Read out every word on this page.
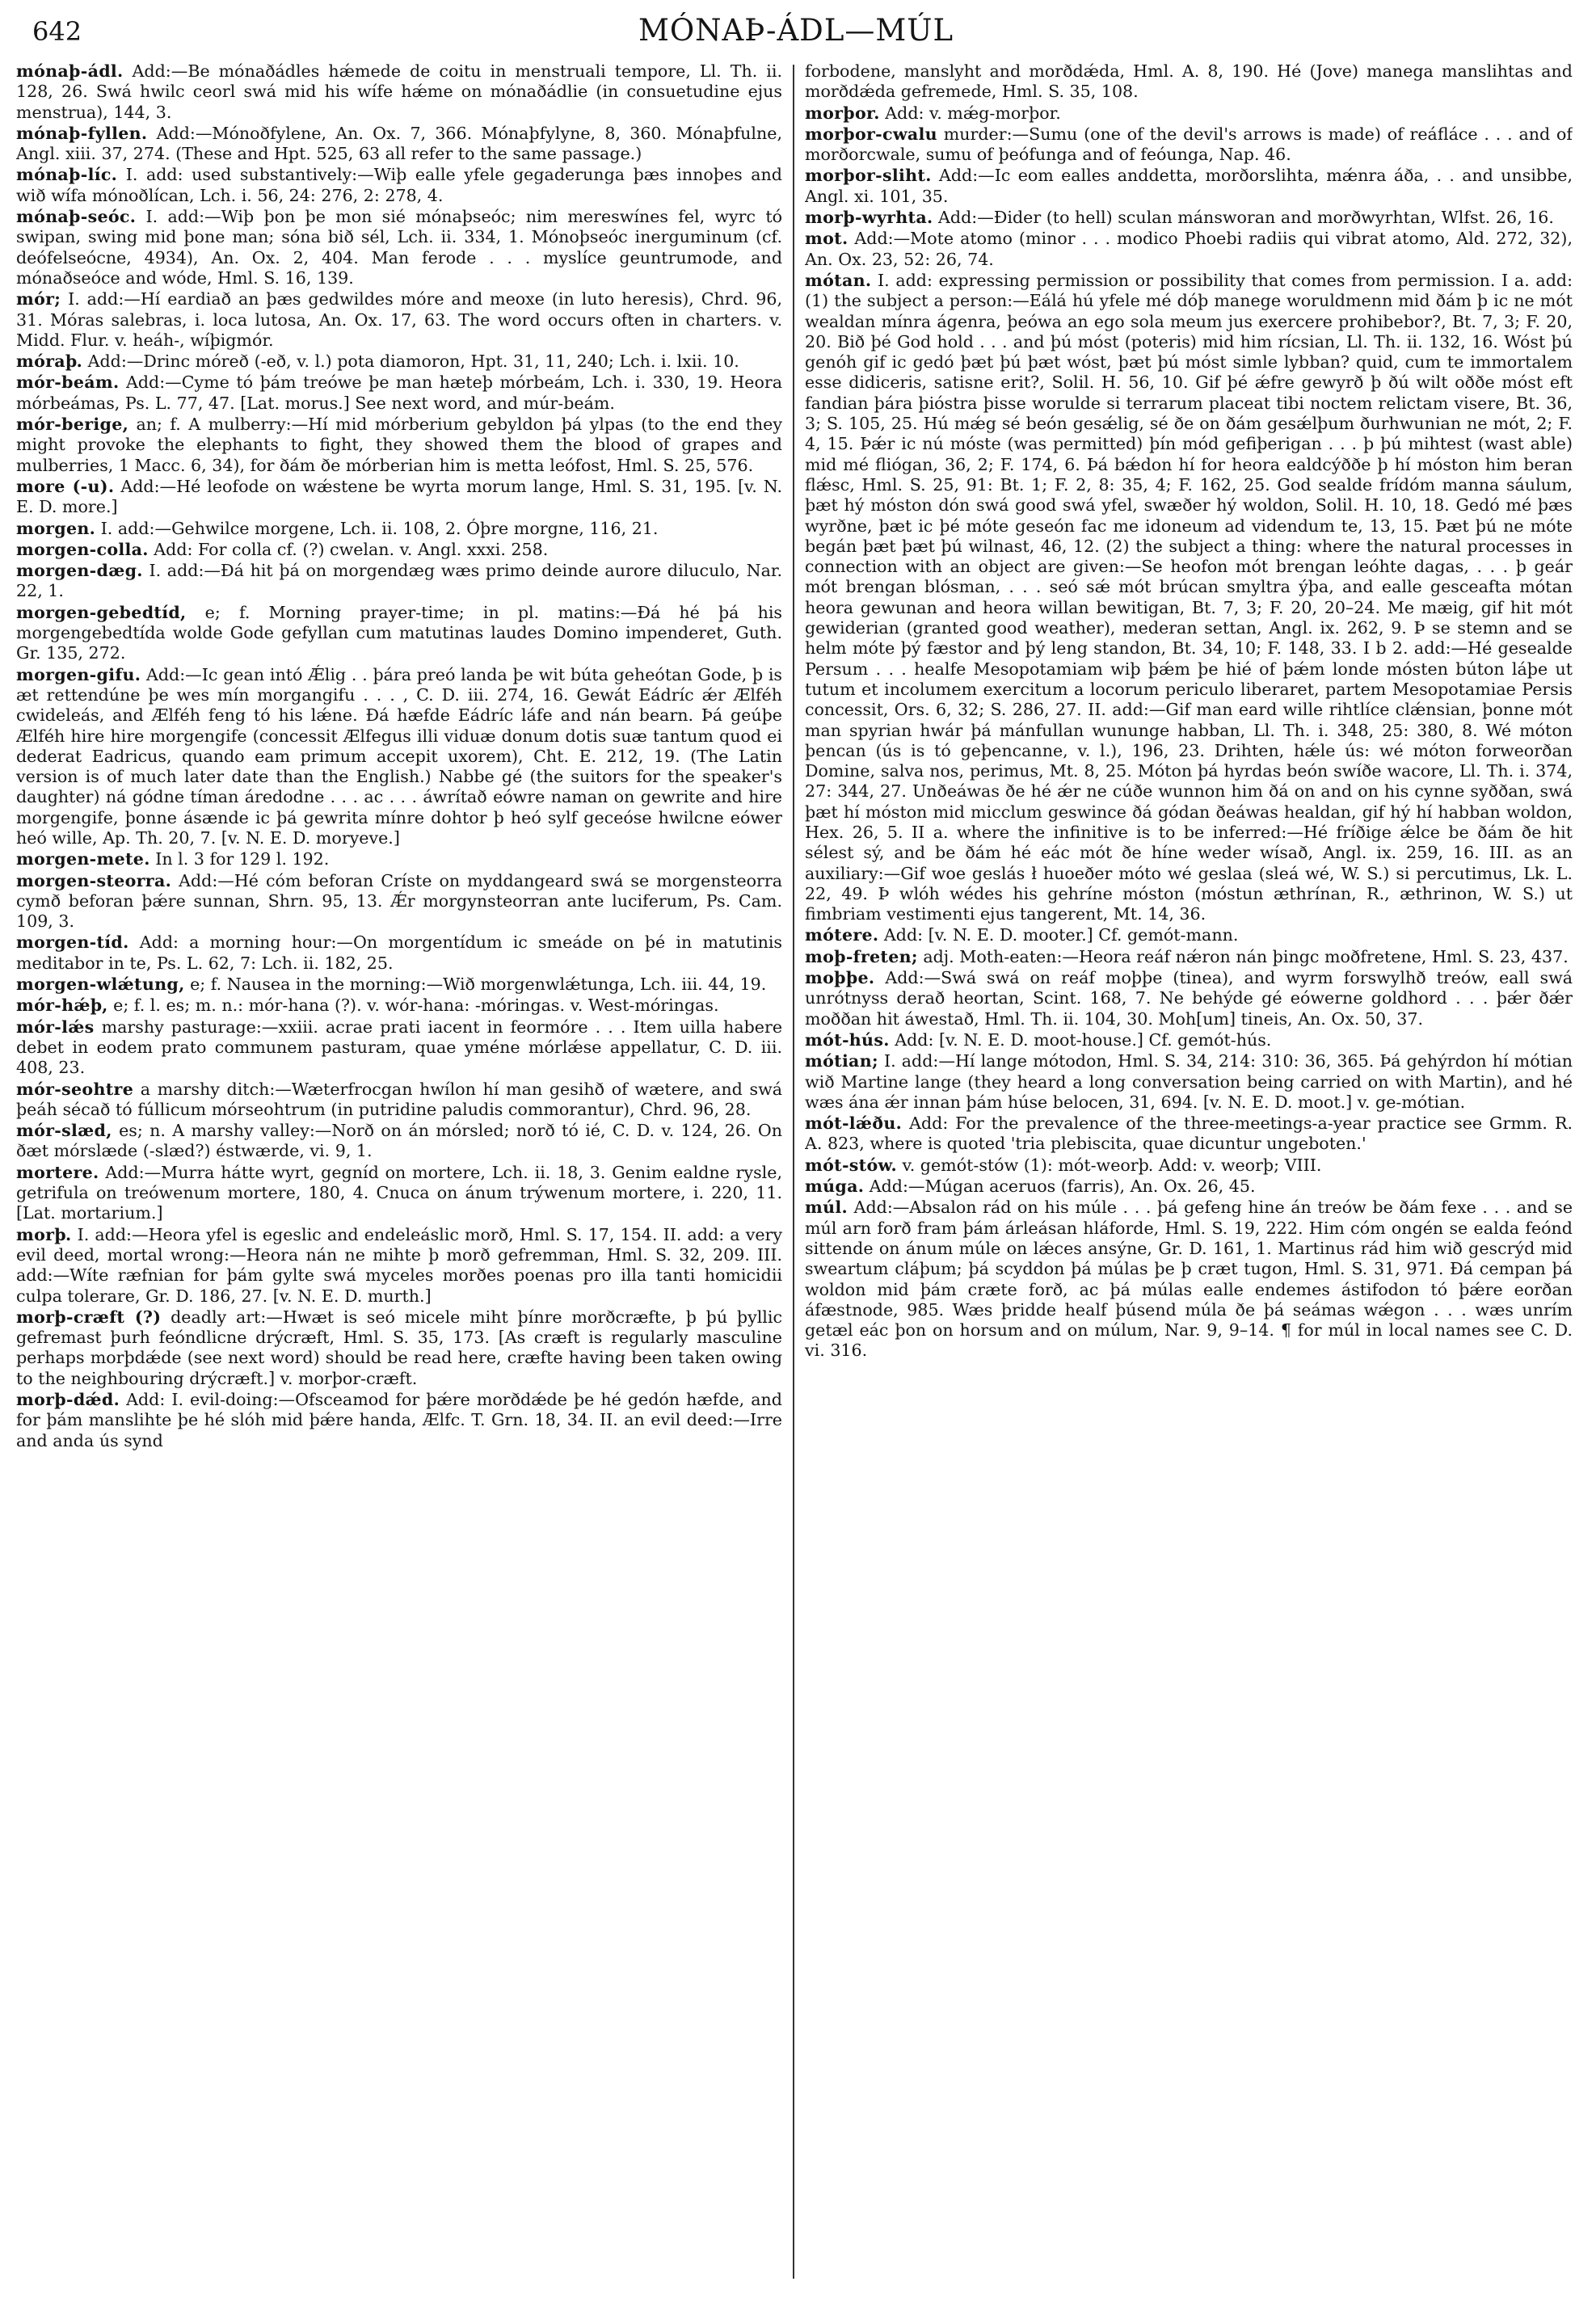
642	MÓNAÞ-ÁDL—MÚL

mónaþ-ádl. Add:—Be mónaðádles hǽmede de coitu in menstruali tempore, Ll. Th. ii. 128, 26. Swá hwilc ceorl swá mid his wífe hǽme on mónaðádlie (in consuetudine ejus menstrua), 144, 3.

mónaþ-fyllen. Add:—Mónoðfylene, An. Ox. 7, 366. Mónaþfylyne, 8, 360. Mónaþfulne, Angl. xiii. 37, 274. (These and Hpt. 525, 63 all refer to the same passage.)

mónaþ-líc. I. add: used substantively:—Wiþ ealle yfele gegaderunga þæs innoþes and wið wífa mónoðlícan, Lch. i. 56, 24: 276, 2: 278, 4.

mónaþ-seóc. I. add:—Wiþ þon þe mon sié mónaþseóc; nim mereswínes fel, wyrc tó swipan, swing mid þone man; sóna bið sél, Lch. ii. 334, 1. Mónoþseóc inerguminum (cf. deófelseócne, 4934), An. Ox. 2, 404. Man ferode . . . myslíce geuntrumode, and mónaðseóce and wóde, Hml. S. 16, 139.

mór; I. add:—Hí eardiað an þæs gedwildes móre and meoxe (in luto heresis), Chrd. 96, 31. Móras salebras, i. loca lutosa, An. Ox. 17, 63. The word occurs often in charters. v. Midd. Flur. v. heáh-, wíþigmór.

móraþ. Add:—Drinc móreð (-eð, v. l.) pota diamoron, Hpt. 31, 11, 240; Lch. i. lxii. 10.

mór-beám. Add:—Cyme tó þám treówe þe man hæteþ mórbeám, Lch. i. 330, 19. Heora mórbeámas, Ps. L. 77, 47. [Lat. morus.] See next word, and múr-beám.

mór-berige, an; f. A mulberry:—Hí mid mórberium gebyldon þá ylpas (to the end they might provoke the elephants to fight, they showed them the blood of grapes and mulberries, 1 Macc. 6, 34), for ðám ðe mórberian him is metta leófost, Hml. S. 25, 576.

more (-u). Add:—Hé leofode on wǽstene be wyrta morum lange, Hml. S. 31, 195. [v. N. E. D. more.]

morgen. I. add:—Gehwilce morgene, Lch. ii. 108, 2. Óþre morgne, 116, 21.

morgen-colla. Add: For colla cf. (?) cwelan. v. Angl. xxxi. 258.

morgen-dæg. I. add:—Ðá hit þá on morgendæg wæs primo deinde aurore diluculo, Nar. 22, 1.

morgen-gebedtíd, e; f. Morning prayer-time; in pl. matins:—Ðá hé þá his morgengebedtída wolde Gode gefyllan cum matutinas laudes Domino impenderet, Guth. Gr. 135, 272.

morgen-gifu. Add:—Ic gean intó Ǽlig . . þára preó landa þe wit búta geheótan Gode, þ is æt rettendúne þe wes mín morgangifu . . . , C. D. iii. 274, 16. Gewát Eádríc ǽr Ælféh cwideleás, and Ælféh feng tó his lǽne. Ðá hæfde Eádríc láfe and nán bearn. Þá geúþe Ælféh hire hire morgengife (concessit Ælfegus illi viduæ donum dotis suæ tantum quod ei dederat Eadricus, quando eam primum accepit uxorem), Cht. E. 212, 19. (The Latin version is of much later date than the English.) Nabbe gé (the suitors for the speaker's daughter) ná gódne tíman áredodne . . . ac . . . áwrítað eówre naman on gewrite and hire morgengife, þonne ásænde ic þá gewrita mínre dohtor þ heó sylf geceóse hwilcne eówer heó wille, Ap. Th. 20, 7. [v. N. E. D. moryeve.]

morgen-mete. In l. 3 for 129 l. 192.

morgen-steorra. Add:—Hé cóm beforan Críste on myddangeard swá se morgensteorra cymð beforan þǽre sunnan, Shrn. 95, 13. Ǽr morgynsteorran ante luciferum, Ps. Cam. 109, 3.

morgen-tíd. Add: a morning hour:—On morgentídum ic smeáde on þé in matutinis meditabor in te, Ps. L. 62, 7: Lch. ii. 182, 25.

morgen-wlǽtung, e; f. Nausea in the morning:—Wið morgenwlǽtunga, Lch. iii. 44, 19.

mór-hǽþ, e; f. l. es; m. n.: mór-hana (?). v. wór-hana: -móringas. v. West-móringas.

mór-lǽs marshy pasturage:—xxiii. acrae prati iacent in feormóre . . . Item uilla habere debet in eodem prato communem pasturam, quae yméne mórlǽse appellatur, C. D. iii. 408, 23.

mór-seohtre a marshy ditch:—Wæterfrocgan hwílon hí man gesihð of wætere, and swá þeáh sécað tó fúllicum mórseohtrum (in putridine paludis commorantur), Chrd. 96, 28.

mór-slæd, es; n. A marshy valley:—Norð on án mórsled; norð tó ié, C. D. v. 124, 26. On ðæt mórslæde (-slæd?) éstwærde, vi. 9, 1.

mortere. Add:—Murra hátte wyrt, gegníd on mortere, Lch. ii. 18, 3. Genim ealdne rysle, getrifula on treówenum mortere, 180, 4. Cnuca on ánum trýwenum mortere, i. 220, 11. [Lat. mortarium.]

morþ. I. add:—Heora yfel is egeslic and endeleáslic morð, Hml. S. 17, 154. II. add: a very evil deed, mortal wrong:—Heora nán ne mihte þ morð gefremman, Hml. S. 32, 209. III. add:—Wíte ræfnian for þám gylte swá myceles morðes poenas pro illa tanti homicidii culpa tolerare, Gr. D. 186, 27. [v. N. E. D. murth.]

morþ-cræft (?) deadly art:—Hwæt is seó micele miht þínre morðcræfte, þ þú þyllic gefremast þurh feóndlicne drýcræft, Hml. S. 35, 173. [As cræft is regularly masculine perhaps morþdǽde (see next word) should be read here, cræfte having been taken owing to the neighbouring drýcræft.] v. morþor-cræft.

morþ-dǽd. Add: I. evil-doing:—Ofsceamod for þǽre morðdǽde þe hé gedón hæfde, and for þám manslihte þe hé slóh mid þǽre handa, Ælfc. T. Grn. 18, 34. II. an evil deed:—Irre and anda ús synd

forbodene, manslyht and morðdǽda, Hml. A. 8, 190. Hé (Jove) manega manslihtas and morðdǽda gefremede, Hml. S. 35, 108.

morþor. Add: v. mǽg-morþor.

morþor-cwalu murder:—Sumu (one of the devil's arrows is made) of reáfláce . . . and of morðorcwale, sumu of þeófunga and of feóunga, Nap. 46.

morþor-sliht. Add:—Ic eom ealles anddetta, morðorslihta, mǽnra áða, . . and unsibbe, Angl. xi. 101, 35.

morþ-wyrhta. Add:—Ðider (to hell) sculan mánsworan and morðwyrhtan, Wlfst. 26, 16.

mot. Add:—Mote atomo (minor . . . modico Phoebi radiis qui vibrat atomo, Ald. 272, 32), An. Ox. 23, 52: 26, 74.

mótan. I. add: expressing permission or possibility that comes from permission. I a. add: (1) the subject a person:—Eálá hú yfele mé dóþ manege woruldmenn mid ðám þ ic ne mót wealdan mínra ágenra, þeówa an ego sola meum jus exercere prohibebor?, Bt. 7, 3; F. 20, 20. Bið þé God hold . . . and þú móst (poteris) mid him rícsian, Ll. Th. ii. 132, 16. Wóst þú genóh gif ic gedó þæt þú þæt wóst, þæt þú móst simle lybban? quid, cum te immortalem esse didiceris, satisne erit?, Solil. H. 56, 10. Gif þé ǽfre gewyrð þ ðú wilt oððe móst eft fandian þára þióstra þisse worulde si terrarum placeat tibi noctem relictam visere, Bt. 36, 3; S. 105, 25. Hú mǽg sé beón gesǽlig, sé ðe on ðám gesǽlþum ðurhwunian ne mót, 2; F. 4, 15. Þǽr ic nú móste (was permitted) þín mód gefiþerigan . . . þ þú mihtest (wast able) mid mé fliógan, 36, 2; F. 174, 6. Þá bǽdon hí for heora ealdcýððe þ hí móston him beran flǽsc, Hml. S. 25, 91: Bt. 1; F. 2, 8: 35, 4; F. 162, 25. God sealde frídóm manna sáulum, þæt hý móston dón swá good swá yfel, swæðer hý woldon, Solil. H. 10, 18. Gedó mé þæs wyrðne, þæt ic þé móte geseón fac me idoneum ad videndum te, 13, 15. Þæt þú ne móte begán þæt þæt þú wilnast, 46, 12. (2) the subject a thing: where the natural processes in connection with an object are given:—Se heofon mót brengan leóhte dagas, . . . þ geár mót brengan blósman, . . . seó sǽ mót brúcan smyltra ýþa, and ealle gesceafta mótan heora gewunan and heora willan bewitigan, Bt. 7, 3; F. 20, 20–24. Me mæig, gif hit mót gewiderian (granted good weather), mederan settan, Angl. ix. 262, 9. Þ se stemn and se helm móte þý fæstor and þý leng standon, Bt. 34, 10; F. 148, 33. I b 2. add:—Hé gesealde Persum . . . healfe Mesopotamiam wiþ þǽm þe hié of þǽm londe mósten búton láþe ut tutum et incolumem exercitum a locorum periculo liberaret, partem Mesopotamiae Persis concessit, Ors. 6, 32; S. 286, 27. II. add:—Gif man eard wille rihtlíce clǽnsian, þonne mót man spyrian hwár þá mánfullan wununge habban, Ll. Th. i. 348, 25: 380, 8. Wé móton þencan (ús is tó geþencanne, v. l.), 196, 23. Drihten, hǽle ús: wé móton forweorðan Domine, salva nos, perimus, Mt. 8, 25. Móton þá hyrdas beón swíðe wacore, Ll. Th. i. 374, 27: 344, 27. Unðeáwas ðe hé ǽr ne cúðe wunnon him ðá on and on his cynne syððan, swá þæt hí móston mid micclum geswince ðá gódan ðeáwas healdan, gif hý hí habban woldon, Hex. 26, 5. II a. where the infinitive is to be inferred:—Hé fríðige ǽlce be ðám ðe hit sélest sý, and be ðám hé eác mót ðe híne weder wísað, Angl. ix. 259, 16. III. as an auxiliary:—Gif woe geslás ł huoeðer móto wé geslaa (sleá wé, W. S.) si percutimus, Lk. L. 22, 49. Þ wlóh wédes his gehríne móston (móstun æthrínan, R., æthrinon, W. S.) ut fimbriam vestimenti ejus tangerent, Mt. 14, 36.

mótere. Add: [v. N. E. D. mooter.] Cf. gemót-mann.

moþ-freten; adj. Moth-eaten:—Heora reáf nǽron nán þingc moðfretene, Hml. S. 23, 437.

moþþe. Add:—Swá swá on reáf moþþe (tinea), and wyrm forswylhð treów, eall swá unrótnyss derað heortan, Scint. 168, 7. Ne behýde gé eówerne goldhord . . . þǽr ðǽr moððan hit áwestað, Hml. Th. ii. 104, 30. Moh[um] tineis, An. Ox. 50, 37.

mót-hús. Add: [v. N. E. D. moot-house.] Cf. gemót-hús.

mótian; I. add:—Hí lange mótodon, Hml. S. 34, 214: 310: 36, 365. Þá gehýrdon hí mótian wið Martine lange (they heard a long conversation being carried on with Martin), and hé wæs ána ǽr innan þám húse belocen, 31, 694. [v. N. E. D. moot.] v. ge-mótian.

mót-lǽðu. Add: For the prevalence of the three-meetings-a-year practice see Grmm. R. A. 823, where is quoted 'tria plebiscita, quae dicuntur ungeboten.'

mót-stów. v. gemót-stów (1): mót-weorþ. Add: v. weorþ; VIII.

múga. Add:—Múgan aceruos (farris), An. Ox. 26, 45.

múl. Add:—Absalon rád on his múle . . . þá gefeng hine án treów be ðám fexe . . . and se múl arn forð fram þám árleásan hláforde, Hml. S. 19, 222. Him cóm ongén se ealda feónd sittende on ánum múle on lǽces ansýne, Gr. D. 161, 1. Martinus rád him wið gescrýd mid sweartum cláþum; þá scyddon þá múlas þe þ cræt tugon, Hml. S. 31, 971. Ðá cempan þá woldon mid þám cræte forð, ac þá múlas ealle endemes ástifodon tó þǽre eorðan áfæstnode, 985. Wæs þridde healf þúsend múla ðe þá seámas wǽgon . . . wæs unrím getæl eác þon on horsum and on múlum, Nar. 9, 9–14. ¶ for múl in local names see C. D. vi. 316.
